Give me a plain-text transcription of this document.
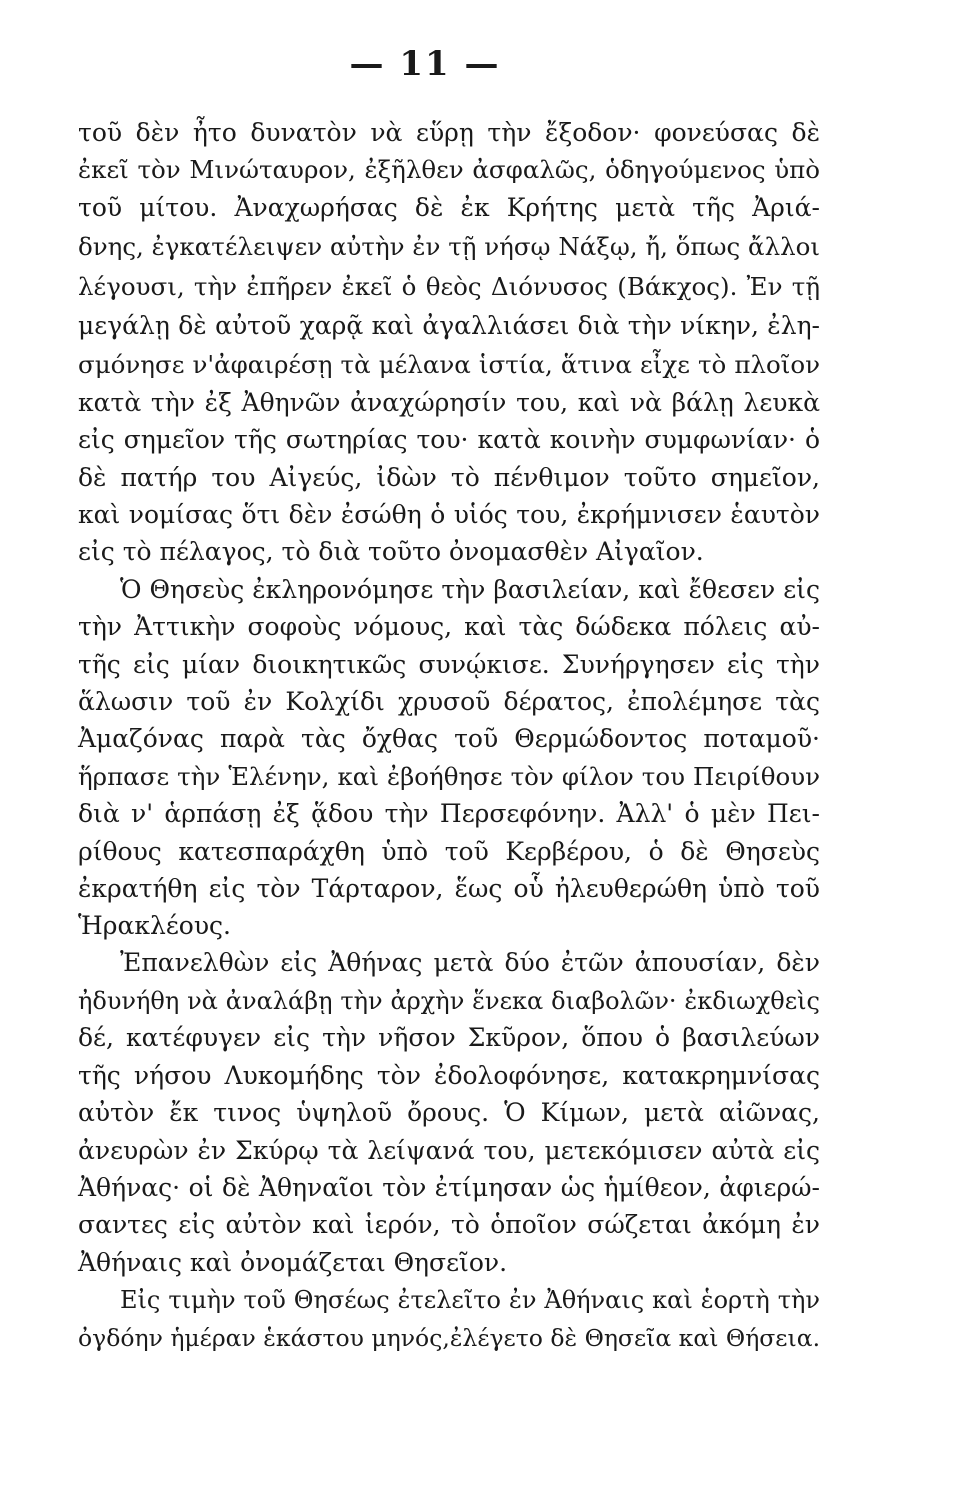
— 11 —
τοῦ δὲν ἦτο δυνατὸν νὰ εὕρῃ τὴν ἔξοδον· φονεύσας δὲ
ἐκεῖ τὸν Μινώταυρον, ἐξῆλθεν ἀσφαλῶς, ὁδηγούμενος ὑπὸ
τοῦ μίτου. Ἀναχωρήσας δὲ ἐκ Κρήτης μετὰ τῆς Ἀριά-
δνης, ἐγκατέλειψεν αὐτὴν ἐν τῇ νήσῳ Νάξῳ, ἤ, ὅπως ἄλλοι
λέγουσι, τὴν ἐπῆρεν ἐκεῖ ὁ θεὸς Διόνυσος (Βάκχος). Ἐν τῇ
μεγάλῃ δὲ αὐτοῦ χαρᾷ καὶ ἀγαλλιάσει διὰ τὴν νίκην, ἐλη-
σμόνησε ν'ἀφαιρέσῃ τὰ μέλανα ἱστία, ἅτινα εἶχε τὸ πλοῖον
κατὰ τὴν ἐξ Ἀθηνῶν ἀναχώρησίν του, καὶ νὰ βάλῃ λευκὰ
εἰς σημεῖον τῆς σωτηρίας του· κατὰ κοινὴν συμφωνίαν· ὁ
δὲ πατήρ του Αἰγεύς, ἰδὼν τὸ πένθιμον τοῦτο σημεῖον,
καὶ νομίσας ὅτι δὲν ἐσώθη ὁ υἱός του, ἐκρήμνισεν ἑαυτὸν
εἰς τὸ πέλαγος, τὸ διὰ τοῦτο ὀνομασθὲν Αἰγαῖον.
Ὁ Θησεὺς ἐκληρονόμησε τὴν βασιλείαν, καὶ ἔθεσεν εἰς
τὴν Ἀττικὴν σοφοὺς νόμους, καὶ τὰς δώδεκα πόλεις αὐ-
τῆς εἰς μίαν διοικητικῶς συνῴκισε. Συνήργησεν εἰς τὴν
ἅλωσιν τοῦ ἐν Κολχίδι χρυσοῦ δέρατος, ἐπολέμησε τὰς
Ἀμαζόνας παρὰ τὰς ὄχθας τοῦ Θερμώδοντος ποταμοῦ·
ἥρπασε τὴν Ἑλένην, καὶ ἐβοήθησε τὸν φίλον του Πειρίθουν
διὰ ν' ἁρπάσῃ ἐξ ᾅδου τὴν Περσεφόνην. Ἀλλ' ὁ μὲν Πει-
ρίθους κατεσπαράχθη ὑπὸ τοῦ Κερβέρου, ὁ δὲ Θησεὺς
ἐκρατήθη εἰς τὸν Τάρταρον, ἕως οὗ ἠλευθερώθη ὑπὸ τοῦ
Ἡρακλέους.
Ἐπανελθὼν εἰς Ἀθήνας μετὰ δύο ἐτῶν ἀπουσίαν, δὲν
ἠδυνήθη νὰ ἀναλάβῃ τὴν ἀρχὴν ἕνεκα διαβολῶν· ἐκδιωχθεὶς
δέ, κατέφυγεν εἰς τὴν νῆσον Σκῦρον, ὅπου ὁ βασιλεύων
τῆς νήσου Λυκομήδης τὸν ἐδολοφόνησε, κατακρημνίσας
αὐτὸν ἔκ τινος ὑψηλοῦ ὄρους. Ὁ Κίμων, μετὰ αἰῶνας,
ἀνευρὼν ἐν Σκύρῳ τὰ λείψανά του, μετεκόμισεν αὐτὰ εἰς
Ἀθήνας· οἱ δὲ Ἀθηναῖοι τὸν ἐτίμησαν ὡς ἡμίθεον, ἀφιερώ-
σαντες εἰς αὐτὸν καὶ ἱερόν, τὸ ὁποῖον σώζεται ἀκόμη ἐν
Ἀθήναις καὶ ὀνομάζεται Θησεῖον.
Εἰς τιμὴν τοῦ Θησέως ἐτελεῖτο ἐν Ἀθήναις καὶ ἑορτὴ τὴν
ὀγδόην ἡμέραν ἑκάστου μηνός,ἐλέγετο δὲ Θησεῖα καὶ Θήσεια.
